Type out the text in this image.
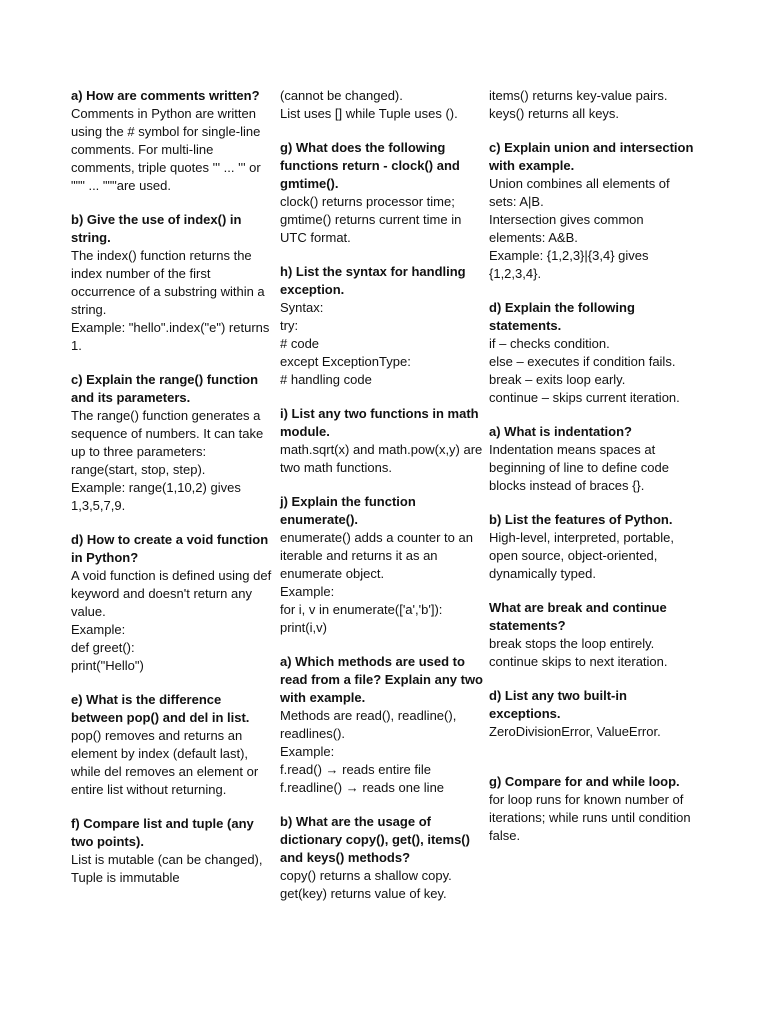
a) How are comments written?

Comments in Python are written using the # symbol for single-line comments. For multi-line comments, triple quotes ''' ... ''' or """ ... """are used.

b) Give the use of index() in string.

The index() function returns the index number of the first occurrence of a substring within a string.
Example: "hello".index("e") returns 1.

c) Explain the range() function and its parameters.

The range() function generates a sequence of numbers. It can take up to three parameters: range(start, stop, step).
Example: range(1,10,2) gives 1,3,5,7,9.

d) How to create a void function in Python?

A void function is defined using def keyword and doesn't return any value.
Example:
def greet():
print("Hello")

e) What is the difference between pop() and del in list.

pop() removes and returns an element by index (default last), while del removes an element or entire list without returning.

f) Compare list and tuple (any two points).

List is mutable (can be changed), Tuple is immutable

(cannot be changed).
List uses [] while Tuple uses ().

g) What does the following functions return - clock() and gmtime().

clock() returns processor time; gmtime() returns current time in UTC format.

h) List the syntax for handling exception.

Syntax:
try:
# code
except ExceptionType:
# handling code

i) List any two functions in math module.

math.sqrt(x) and math.pow(x,y) are two math functions.

j) Explain the function enumerate().

enumerate() adds a counter to an iterable and returns it as an enumerate object.
Example:
for i, v in enumerate(['a','b']):
print(i,v)

a) Which methods are used to read from a file? Explain any two with example.

Methods are read(), readline(), readlines().
Example:
f.read() → reads entire file
f.readline() → reads one line

b) What are the usage of dictionary copy(), get(), items() and keys() methods?

copy() returns a shallow copy.
get(key) returns value of key.

items() returns key-value pairs.
keys() returns all keys.

c) Explain union and intersection with example.

Union combines all elements of sets: A|B.
Intersection gives common elements: A&B.
Example: {1,2,3}|{3,4} gives {1,2,3,4}.

d) Explain the following statements.

if – checks condition.
else – executes if condition fails.
break – exits loop early.
continue – skips current iteration.

a) What is indentation?

Indentation means spaces at beginning of line to define code blocks instead of braces {}.

b) List the features of Python.

High-level, interpreted, portable, open source, object-oriented, dynamically typed.

What are break and continue statements?

break stops the loop entirely.
continue skips to next iteration.

d) List any two built-in exceptions.

ZeroDivisionError, ValueError.

g) Compare for and while loop.

for loop runs for known number of iterations; while runs until condition false.
